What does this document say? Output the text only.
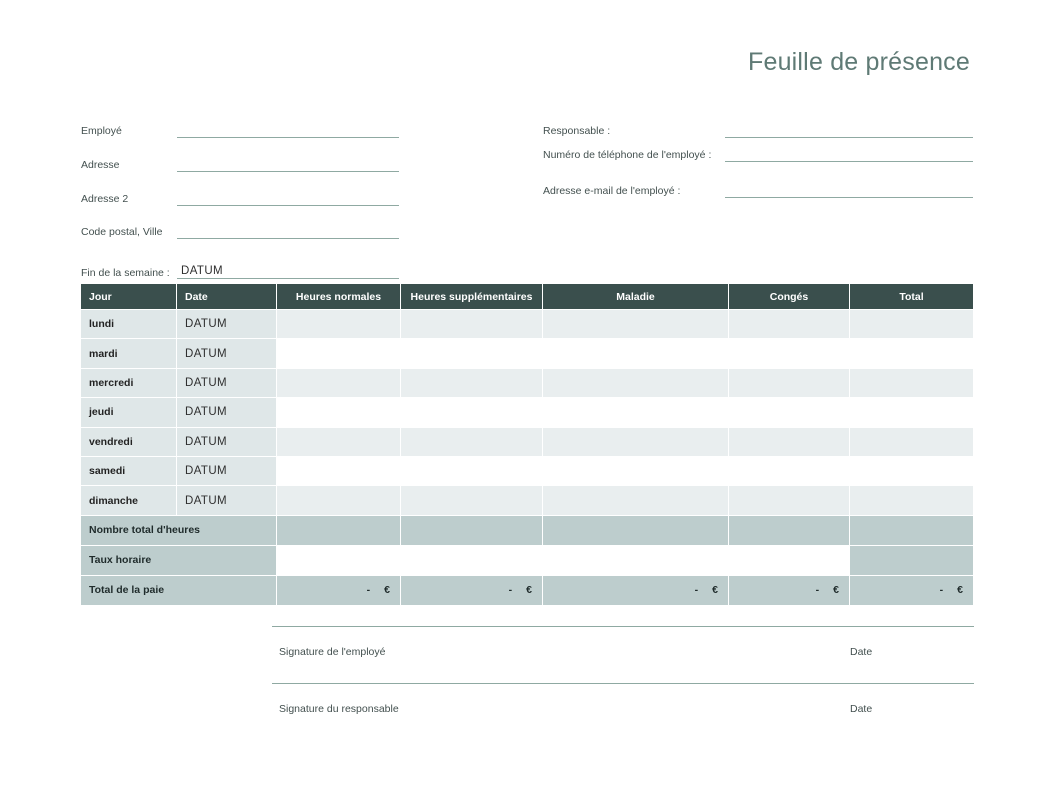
Feuille de présence
Employé
Adresse
Adresse 2
Code postal, Ville
Fin de la semaine : DATUM
Responsable :
Numéro de téléphone de l'employé :
Adresse e-mail de l'employé :
Jour	Date	Heures normales	Heures supplémentaires	Maladie	Congés	Total
lundi	DATUM					
mardi	DATUM					
mercredi	DATUM					
jeudi	DATUM					
vendredi	DATUM					
samedi	DATUM					
dimanche	DATUM					
Nombre total d'heures						
Taux horaire						
Total de la paie		- €	- €	- €	- €	- €
Signature de l'employé	Date
Signature du responsable	Date
